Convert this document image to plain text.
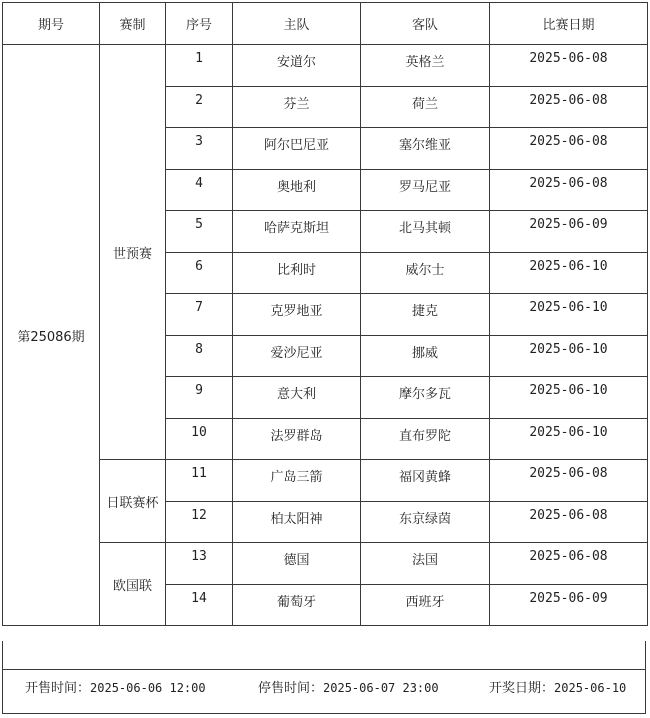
期号	赛制	序号	主队	客队	比赛日期
第25086期	世预赛	1	安道尔	英格兰	2025-06-08
		2	芬兰	荷兰	2025-06-08
		3	阿尔巴尼亚	塞尔维亚	2025-06-08
		4	奥地利	罗马尼亚	2025-06-08
		5	哈萨克斯坦	北马其顿	2025-06-09
		6	比利时	威尔士	2025-06-10
		7	克罗地亚	捷克	2025-06-10
		8	爱沙尼亚	挪威	2025-06-10
		9	意大利	摩尔多瓦	2025-06-10
		10	法罗群岛	直布罗陀	2025-06-10
	日联赛杯	11	广岛三箭	福冈黄蜂	2025-06-08
		12	柏太阳神	东京绿茵	2025-06-08
	欧国联	13	德国	法国	2025-06-08
		14	葡萄牙	西班牙	2025-06-09
开售时间：2025-06-06 12:00	停售时间：2025-06-07 23:00	开奖日期：2025-06-10
